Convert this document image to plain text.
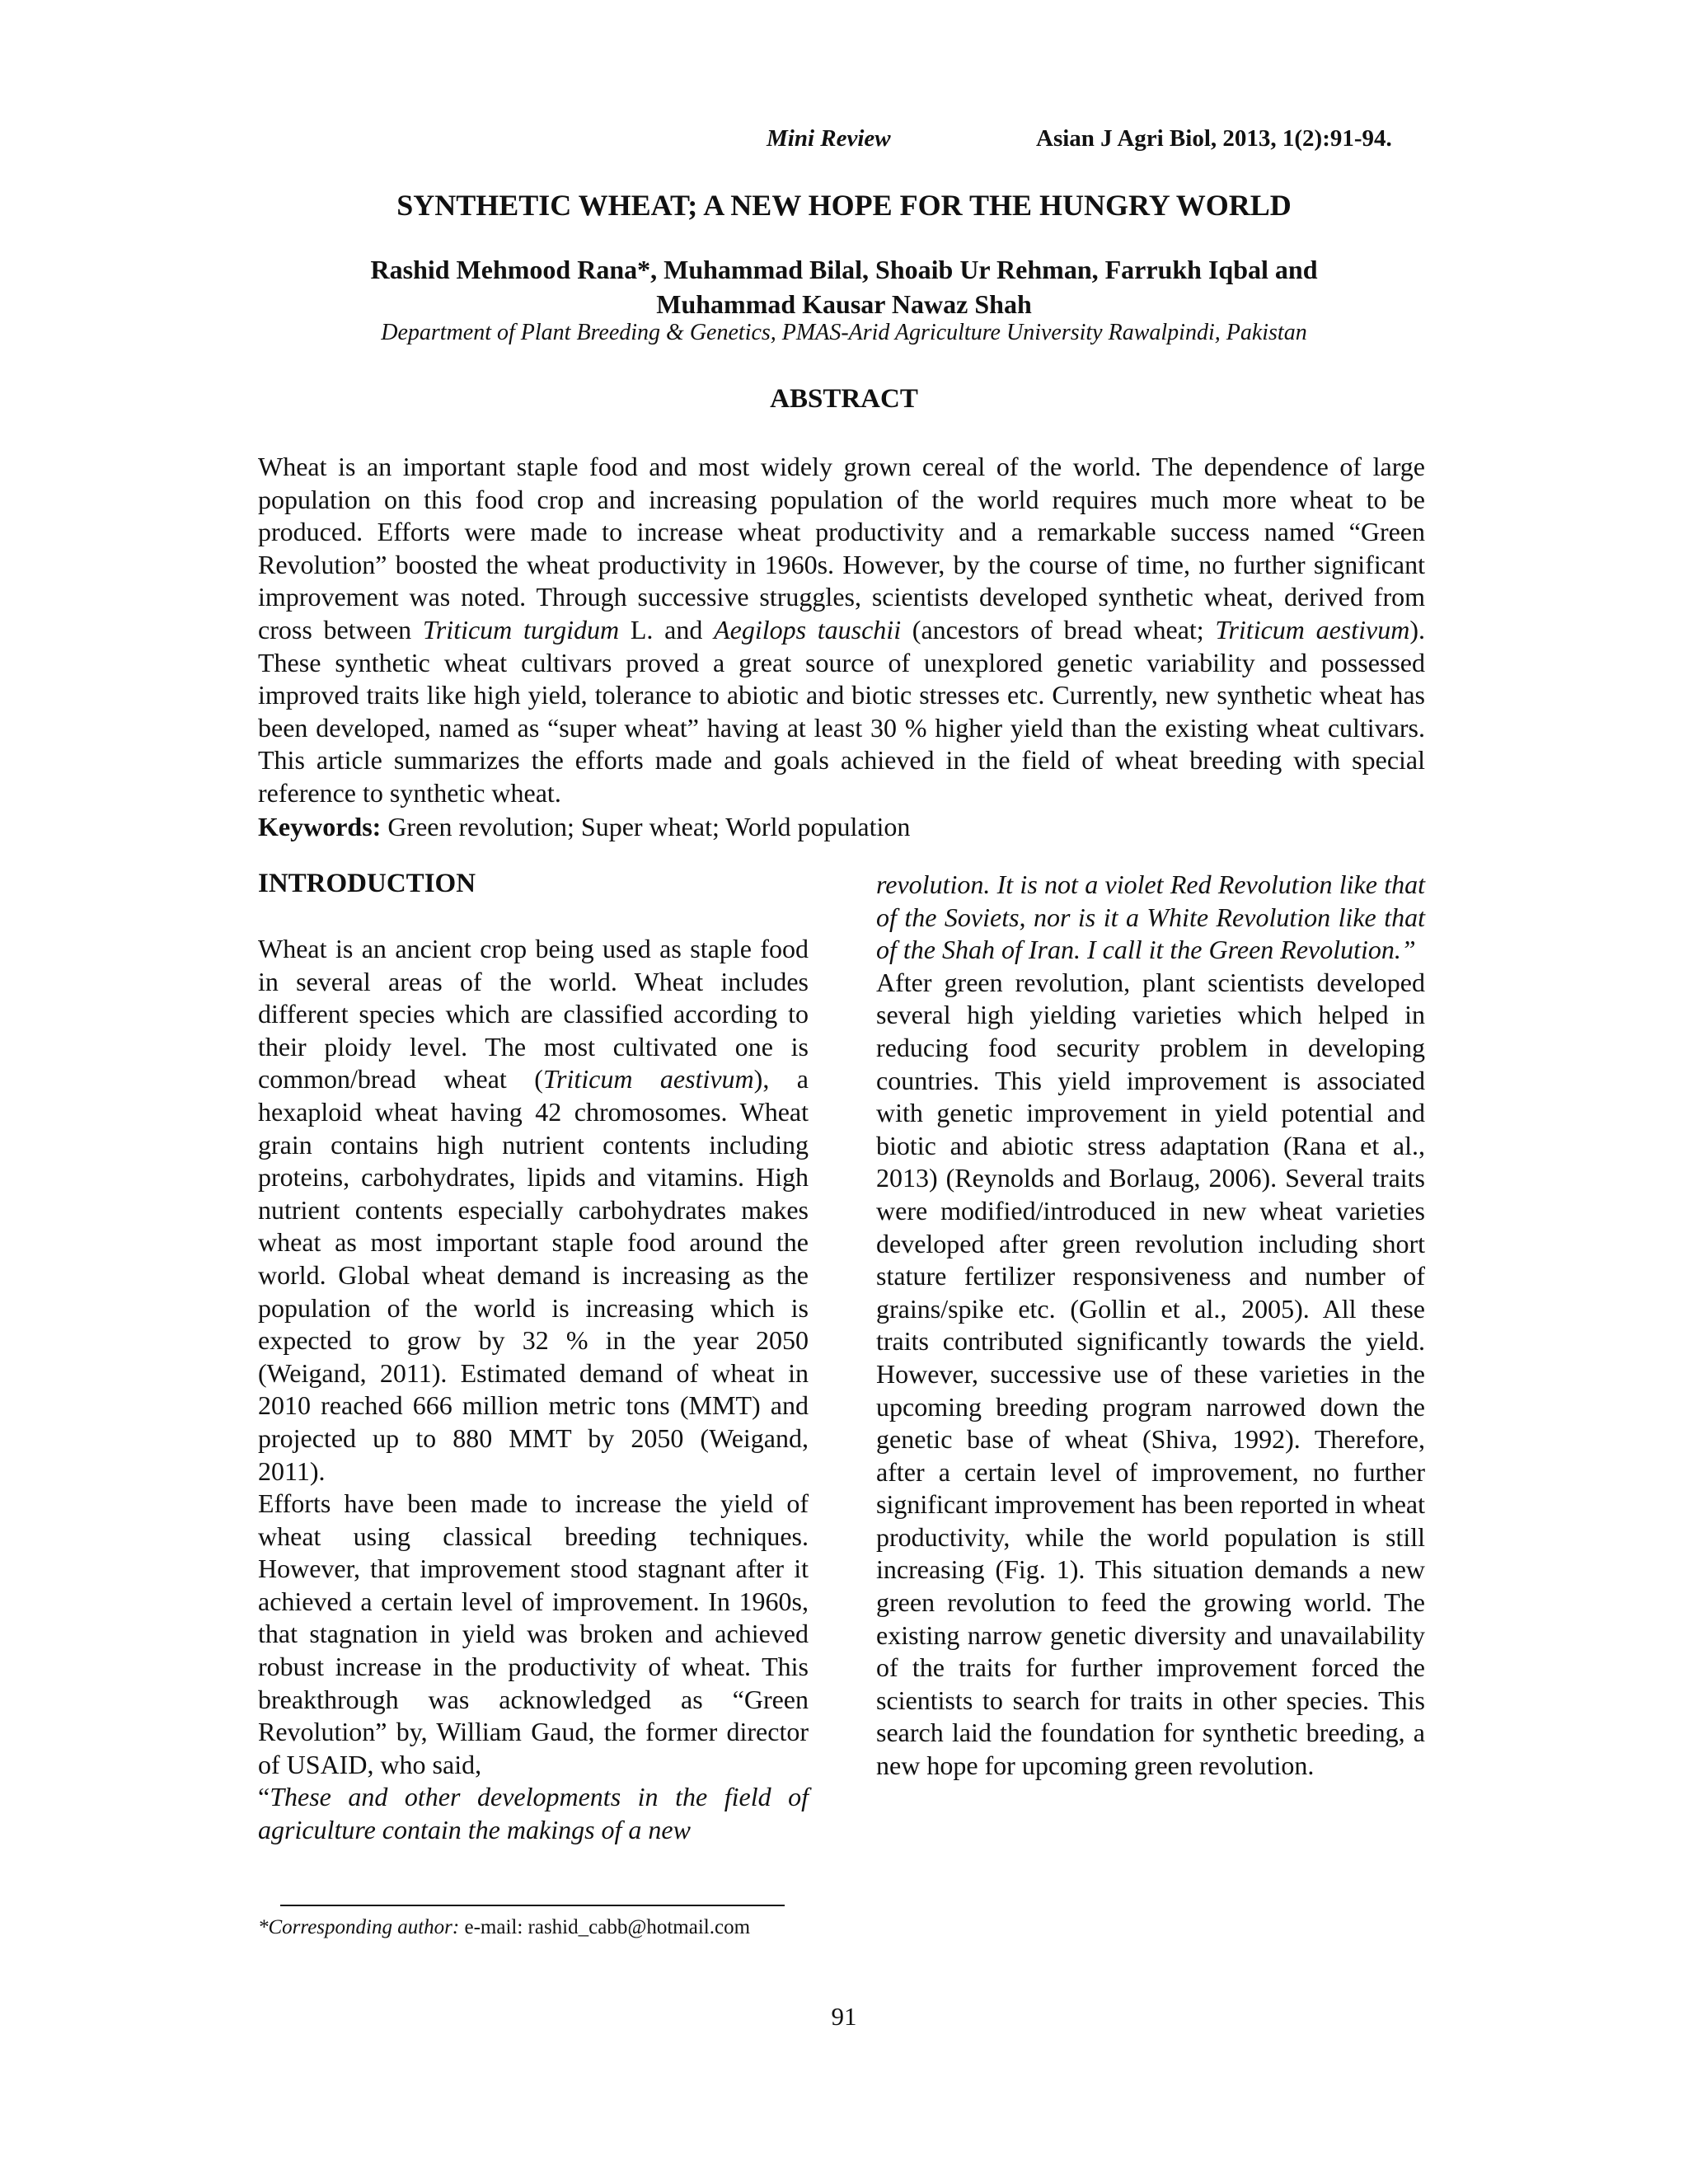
Mini Review	Asian J Agri Biol, 2013, 1(2):91-94.
SYNTHETIC WHEAT; A NEW HOPE FOR THE HUNGRY WORLD
Rashid Mehmood Rana*, Muhammad Bilal, Shoaib Ur Rehman, Farrukh Iqbal and
Muhammad Kausar Nawaz Shah
Department of Plant Breeding & Genetics, PMAS-Arid Agriculture University Rawalpindi, Pakistan
ABSTRACT
Wheat is an important staple food and most widely grown cereal of the world. The dependence of large population on this food crop and increasing population of the world requires much more wheat to be produced. Efforts were made to increase wheat productivity and a remarkable success named “Green Revolution” boosted the wheat productivity in 1960s. However, by the course of time, no further significant improvement was noted. Through successive struggles, scientists developed synthetic wheat, derived from cross between Triticum turgidum L. and Aegilops tauschii (ancestors of bread wheat; Triticum aestivum). These synthetic wheat cultivars proved a great source of unexplored genetic variability and possessed improved traits like high yield, tolerance to abiotic and biotic stresses etc. Currently, new synthetic wheat has been developed, named as “super wheat” having at least 30 % higher yield than the existing wheat cultivars. This article summarizes the efforts made and goals achieved in the field of wheat breeding with special reference to synthetic wheat.
Keywords: Green revolution; Super wheat; World population
INTRODUCTION

Wheat is an ancient crop being used as staple food in several areas of the world. Wheat includes different species which are classified according to their ploidy level. The most cultivated one is common/bread wheat (Triticum aestivum), a hexaploid wheat having 42 chromosomes. Wheat grain contains high nutrient contents including proteins, carbohydrates, lipids and vitamins. High nutrient contents especially carbohydrates makes wheat as most important staple food around the world. Global wheat demand is increasing as the population of the world is increasing which is expected to grow by 32 % in the year 2050 (Weigand, 2011). Estimated demand of wheat in 2010 reached 666 million metric tons (MMT) and projected up to 880 MMT by 2050 (Weigand, 2011).

Efforts have been made to increase the yield of wheat using classical breeding techniques. However, that improvement stood stagnant after it achieved a certain level of improvement. In 1960s, that stagnation in yield was broken and achieved robust increase in the productivity of wheat. This breakthrough was acknowledged as “Green Revolution” by, William Gaud, the former director of USAID, who said,

“These and other developments in the field of agriculture contain the makings of a new

revolution. It is not a violet Red Revolution like that of the Soviets, nor is it a White Revolution like that of the Shah of Iran. I call it the Green Revolution.”

After green revolution, plant scientists developed several high yielding varieties which helped in reducing food security problem in developing countries. This yield improvement is associated with genetic improvement in yield potential and biotic and abiotic stress adaptation (Rana et al., 2013) (Reynolds and Borlaug, 2006). Several traits were modified/introduced in new wheat varieties developed after green revolution including short stature fertilizer responsiveness and number of grains/spike etc. (Gollin et al., 2005). All these traits contributed significantly towards the yield. However, successive use of these varieties in the upcoming breeding program narrowed down the genetic base of wheat (Shiva, 1992). Therefore, after a certain level of improvement, no further significant improvement has been reported in wheat productivity, while the world population is still increasing (Fig. 1). This situation demands a new green revolution to feed the growing world. The existing narrow genetic diversity and unavailability of the traits for further improvement forced the scientists to search for traits in other species. This search laid the foundation for synthetic breeding, a new hope for upcoming green revolution.

*Corresponding author: e-mail: rashid_cabb@hotmail.com
91
